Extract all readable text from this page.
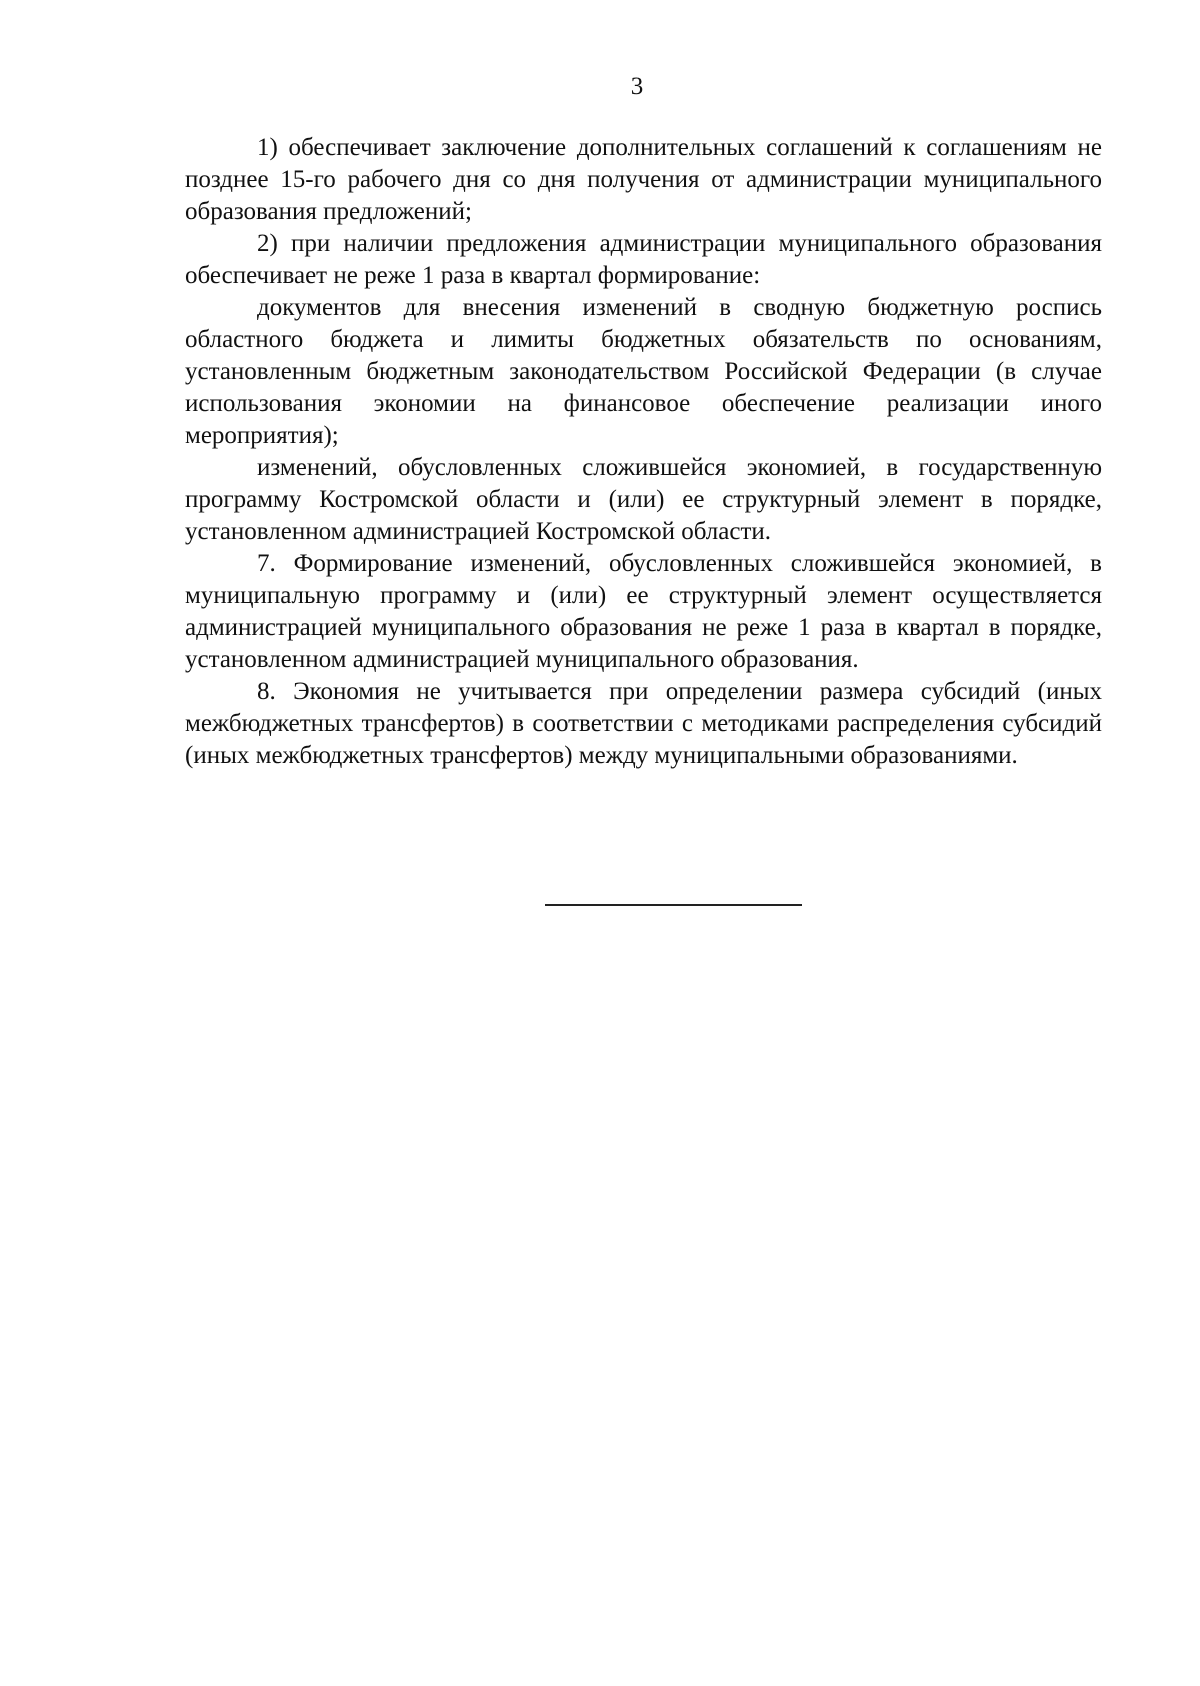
3

1) обеспечивает заключение дополнительных соглашений к соглашениям не позднее 15-го рабочего дня со дня получения от администрации муниципального образования предложений;

2) при наличии предложения администрации муниципального образования обеспечивает не реже 1 раза в квартал формирование:

документов для внесения изменений в сводную бюджетную роспись областного бюджета и лимиты бюджетных обязательств по основаниям, установленным бюджетным законодательством Российской Федерации (в случае использования экономии на финансовое обеспечение реализации иного мероприятия);

изменений, обусловленных сложившейся экономией, в государственную программу Костромской области и (или) ее структурный элемент в порядке, установленном администрацией Костромской области.

7. Формирование изменений, обусловленных сложившейся экономией, в муниципальную программу и (или) ее структурный элемент осуществляется администрацией муниципального образования не реже 1 раза в квартал в порядке, установленном администрацией муниципального образования.

8. Экономия не учитывается при определении размера субсидий (иных межбюджетных трансфертов) в соответствии с методиками распределения субсидий (иных межбюджетных трансфертов) между муниципальными образованиями.
